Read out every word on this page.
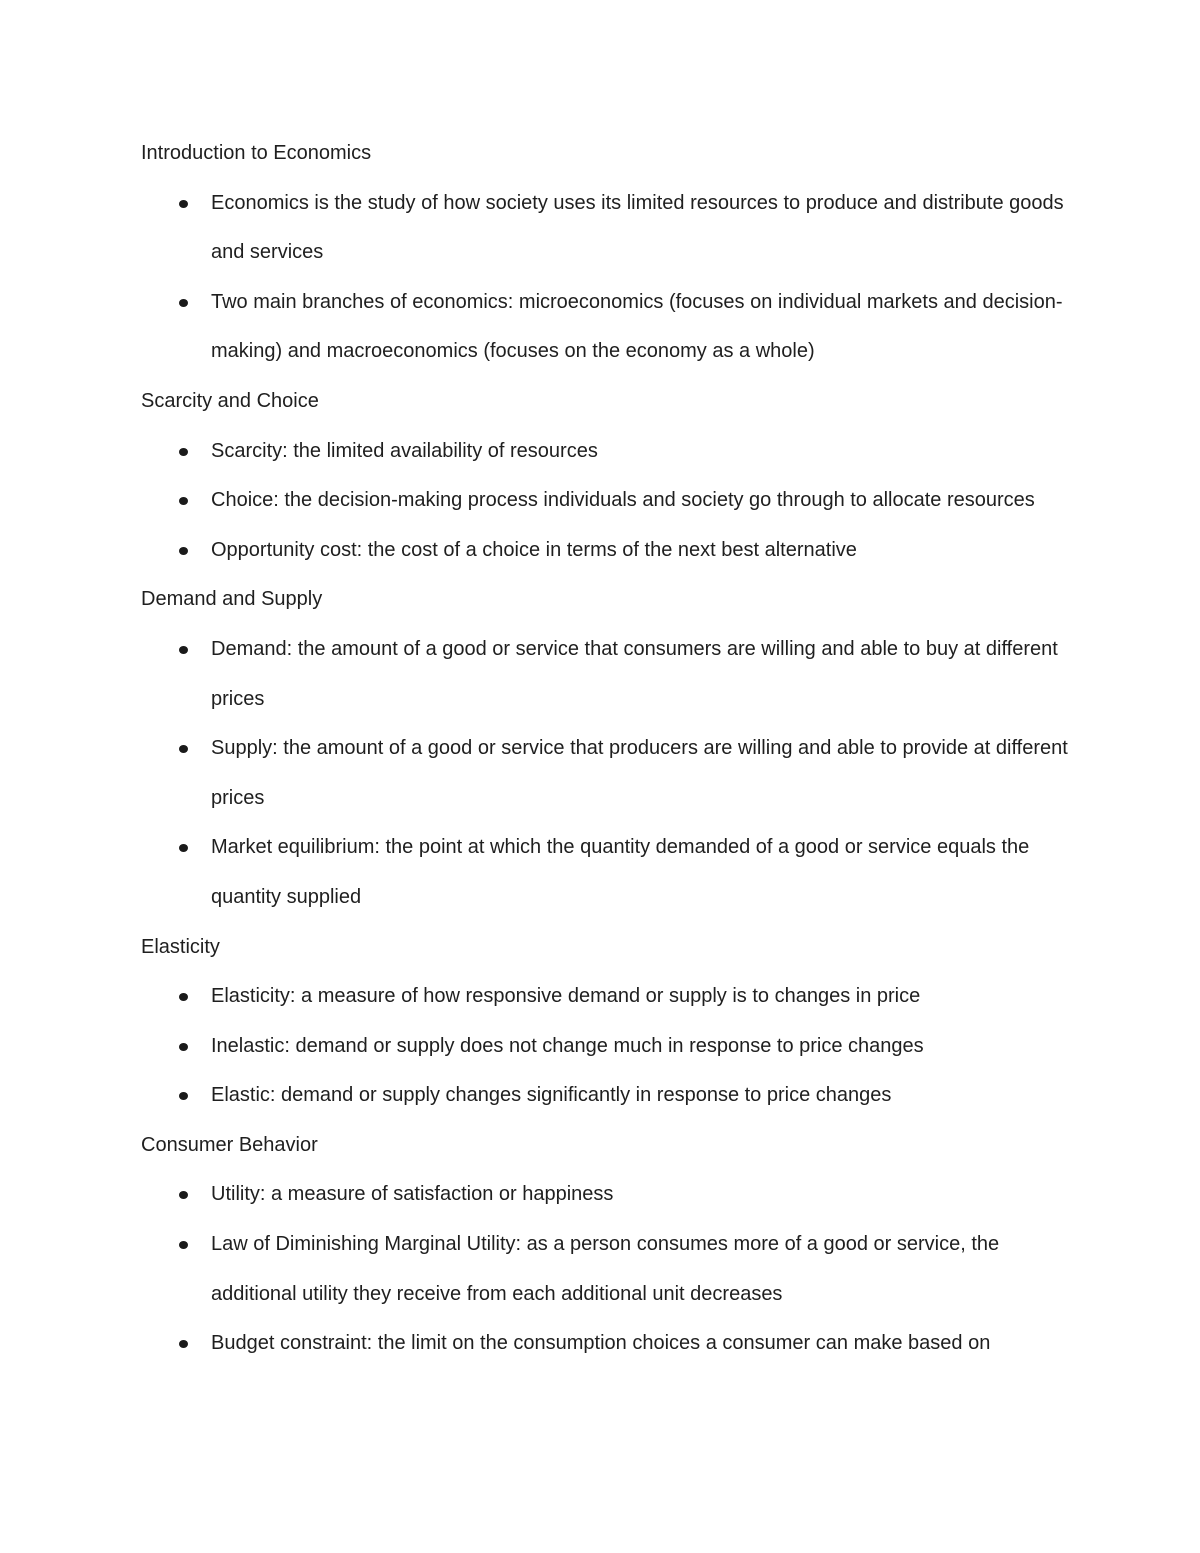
Introduction to Economics
Economics is the study of how society uses its limited resources to produce and distribute goods and services
Two main branches of economics: microeconomics (focuses on individual markets and decision-making) and macroeconomics (focuses on the economy as a whole)
Scarcity and Choice
Scarcity: the limited availability of resources
Choice: the decision-making process individuals and society go through to allocate resources
Opportunity cost: the cost of a choice in terms of the next best alternative
Demand and Supply
Demand: the amount of a good or service that consumers are willing and able to buy at different prices
Supply: the amount of a good or service that producers are willing and able to provide at different prices
Market equilibrium: the point at which the quantity demanded of a good or service equals the quantity supplied
Elasticity
Elasticity: a measure of how responsive demand or supply is to changes in price
Inelastic: demand or supply does not change much in response to price changes
Elastic: demand or supply changes significantly in response to price changes
Consumer Behavior
Utility: a measure of satisfaction or happiness
Law of Diminishing Marginal Utility: as a person consumes more of a good or service, the additional utility they receive from each additional unit decreases
Budget constraint: the limit on the consumption choices a consumer can make based on
